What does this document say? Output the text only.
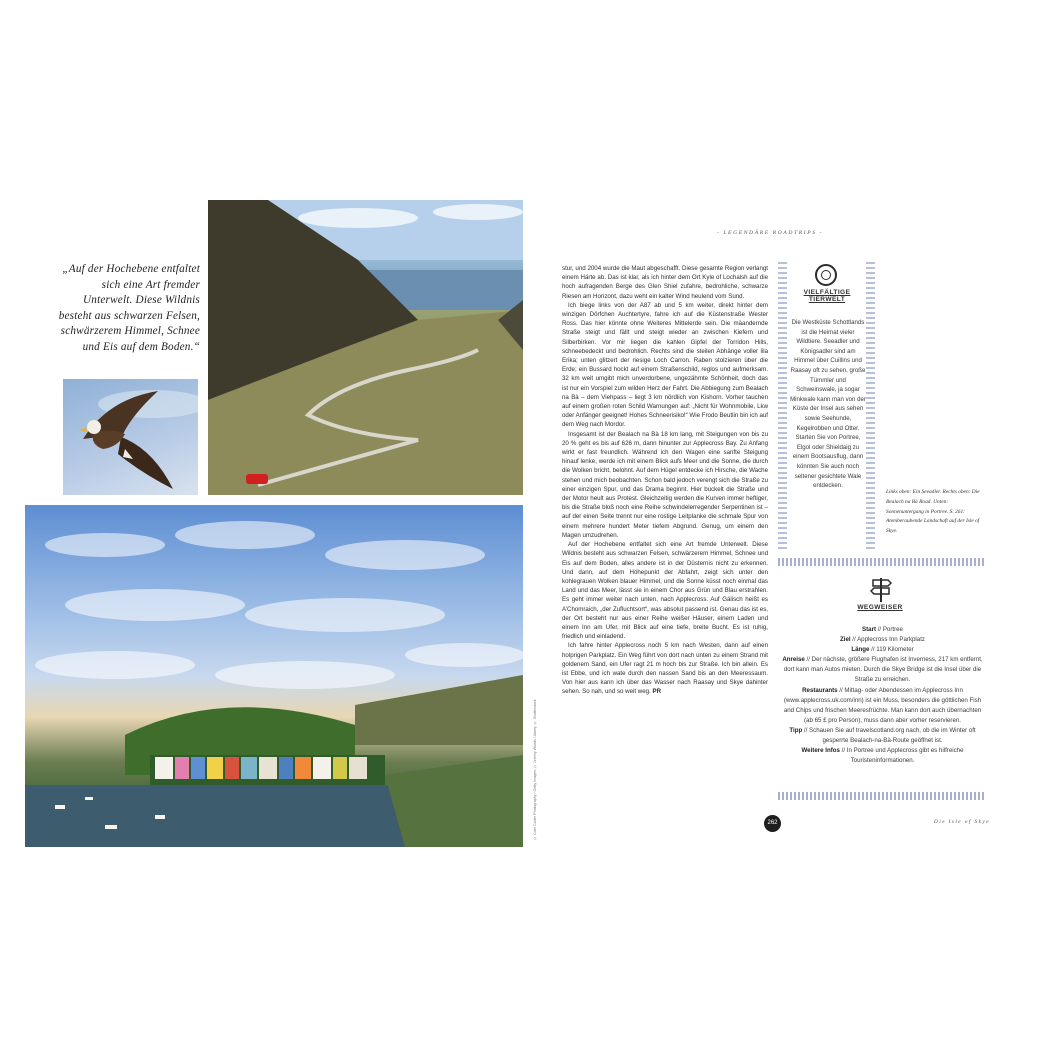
„Auf der Hochebene entfaltet sich eine Art fremder Unterwelt. Diese Wildnis besteht aus schwarzen Felsen, schwärzerem Himmel, Schnee und Eis auf dem Boden.“
© Colin Carter Photography / Getty Images; © Jeremy Woods / Alamy; © Shutterstock
- LEGENDÄRE ROADTRIPS -

stur, und 2004 wurde die Maut abgeschafft. Diese gesamte Region verlangt einem Härte ab. Das ist klar, als ich hinter dem Ort Kyle of Lochalsh auf die hoch aufragenden Berge des Glen Shiel zufahre, bedrohliche, schwarze Riesen am Horizont, dazu weht ein kalter Wind heulend vom Sund.

Ich biege links von der A87 ab und 5 km weiter, direkt hinter dem winzigen Dörfchen Auchtertyre, fahre ich auf die Küstenstraße Wester Ross. Das hier könnte ohne Weiteres Mittelerde sein. Die mäandernde Straße steigt und fällt und steigt wieder an zwischen Kiefern und Silberbirken. Vor mir liegen die kahlen Gipfel der Torridon Hills, schneebedeckt und bedrohlich. Rechts sind die steilen Abhänge voller lila Erika; unten glitzert der riesige Loch Carron. Raben stolzieren über die Erde; ein Bussard hockt auf einem Straßenschild, reglos und aufmerksam. 32 km weit umgibt mich unverdorbene, ungezähmte Schönheit, doch das ist nur ein Vorspiel zum wilden Herz der Fahrt. Die Abbiegung zum Bealach na Bà – dem Viehpass – liegt 3 km nördlich von Kishorn. Vorher tauchen auf einem großen roten Schild Warnungen auf: „Nicht für Wohnmobile, Lkw oder Anfänger geeignet! Hohes Schneerisiko!“ Wie Frodo Beutlin bin ich auf dem Weg nach Mordor.

Insgesamt ist der Bealach na Bà 18 km lang, mit Steigungen von bis zu 20 % geht es bis auf 626 m, dann hinunter zur Applecross Bay. Zu Anfang wirkt er fast freundlich. Während ich den Wagen eine sanfte Steigung hinauf lenke, werde ich mit einem Blick aufs Meer und die Sonne, die durch die Wolken bricht, belohnt. Auf dem Hügel entdecke ich Hirsche, die Wache stehen und mich beobachten. Schon bald jedoch verengt sich die Straße zu einer einzigen Spur, und das Drama beginnt. Hier buckelt die Straße und der Motor heult aus Protest. Gleichzeitig werden die Kurven immer heftiger, bis die Straße bloß noch eine Reihe schwindelerregender Serpentinen ist – auf der einen Seite trennt nur eine rostige Leitplanke die schmale Spur von einem mehrere hundert Meter tiefem Abgrund. Genug, um einem den Magen umzudrehen.

Auf der Hochebene entfaltet sich eine Art fremde Unterwelt. Diese Wildnis besteht aus schwarzen Felsen, schwärzerem Himmel, Schnee und Eis auf dem Boden, alles andere ist in der Düsternis nicht zu erkennen. Und dann, auf dem Höhepunkt der Abfahrt, zeigt sich unter den kohlegrauen Wolken blauer Himmel, und die Sonne küsst noch einmal das Land und das Meer, lässt sie in einem Chor aus Grün und Blau erstrahlen. Es geht immer weiter nach unten, nach Applecross. Auf Gälisch heißt es A’Chomraich, „der Zufluchtsort“, was absolut passend ist. Genau das ist es, der Ort besteht nur aus einer Reihe weißer Häuser, einem Laden und einem Inn am Ufer, mit Blick auf eine tiefe, breite Bucht. Es ist ruhig, friedlich und einladend.

Ich fahre hinter Applecross noch 5 km nach Westen, dann auf einen holprigen Parkplatz. Ein Weg führt von dort nach unten zu einem Strand mit goldenem Sand, ein Ufer ragt 21 m hoch bis zur Straße. Ich bin allein. Es ist Ebbe, und ich wate durch den nassen Sand bis an den Meeressaum. Von hier aus kann ich über das Wasser nach Raasay und Skye dahinter sehen. So nah, und so weit weg. PR

VIELFÄLTIGE
TIERWELT
Die Westküste Schottlands ist die Heimat vieler Wildtiere. Seeadler und Königsadler sind am Himmel über Cuillins und Raasay oft zu sehen, große Tümmler und Schweinswale, ja sogar Minkwale kann man von der Küste der Insel aus sehen sowie Seehunde, Kegelrobben und Otter. Starten Sie von Portree, Elgol oder Shieldaig zu einem Bootsausflug, dann könnten Sie auch noch seltener gesichtete Wale entdecken.
Links oben: Ein Seeadler. Rechts oben: Die Bealach na Bà Road. Unten: Sonnenuntergang in Portree. S. 261: Atemberaubende Landschaft auf der Isle of Skye.
WEGWEISER
Start // Portree
Ziel // Applecross Inn Parkplatz
Länge // 119 Kilometer
Anreise // Der nächste, größere Flughafen ist Inverness, 217 km entfernt, dort kann man Autos mieten. Durch die Skye Bridge ist die Insel über die Straße zu erreichen.
Restaurants // Mittag- oder Abendessen im Applecross Inn (www.applecross.uk.com/inn) ist ein Muss, besonders die göttlichen Fish and Chips und frischen Meeresfrüchte. Man kann dort auch übernachten (ab 65 £ pro Person), muss dann aber vorher reservieren.
Tipp // Schauen Sie auf travelscotland.org nach, ob die im Winter oft gesperrte Bealach-na-Bà-Route geöffnet ist.
Weitere Infos // In Portree und Applecross gibt es hilfreiche Touristeninformationen.
262	Die Isle of Skye
